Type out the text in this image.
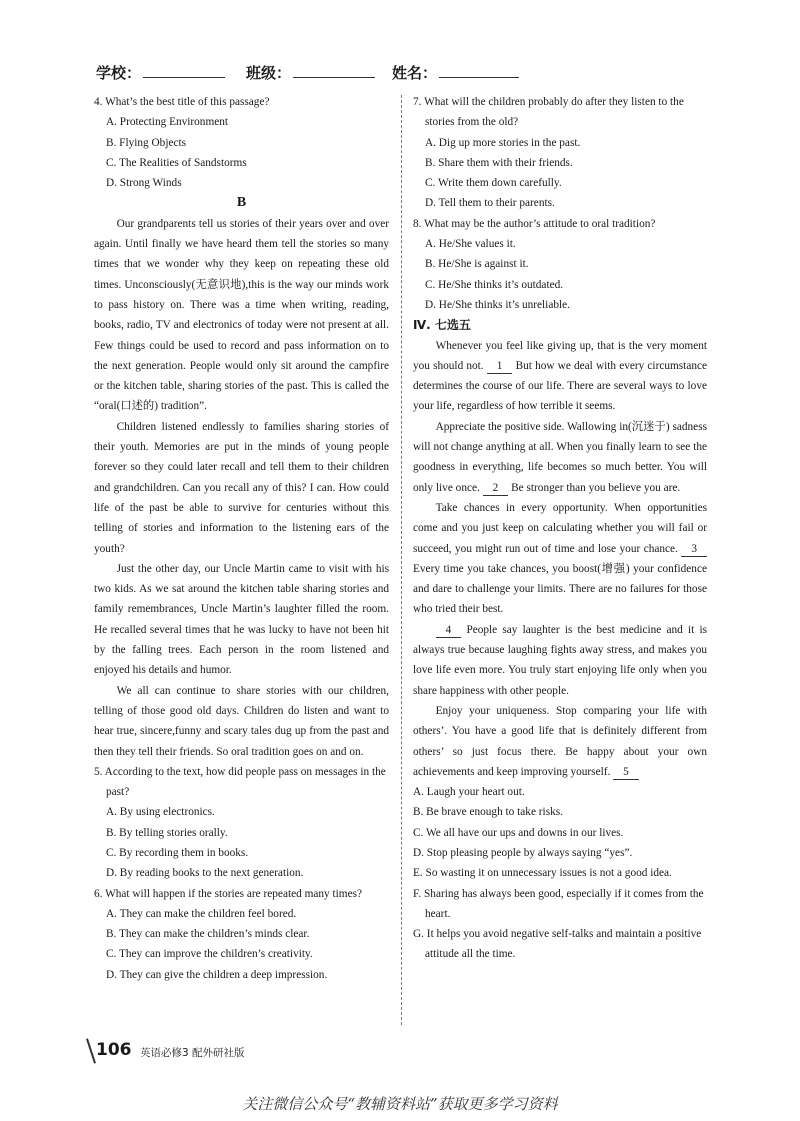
学校：	班级：	姓名：

4. What’s the best title of this passage?

A. Protecting Environment

B. Flying Objects

C. The Realities of Sandstorms

D. Strong Winds

B

Our grandparents tell us stories of their years over and over again. Until finally we have heard them tell the stories so many times that we wonder why they keep on repeating these old times. Unconsciously(无意识地),this is the way our minds work to pass history on. There was a time when writing, reading, books, radio, TV and electronics of today were not present at all. Few things could be used to record and pass information on to the next generation. People would only sit around the campfire or the kitchen table, sharing stories of the past. This is called the “oral(口述的) tradition”.

Children listened endlessly to families sharing stories of their youth. Memories are put in the minds of young people forever so they could later recall and tell them to their children and grandchildren. Can you recall any of this? I can. How could life of the past be able to survive for centuries without this telling of stories and information to the listening ears of the youth?

Just the other day, our Uncle Martin came to visit with his two kids. As we sat around the kitchen table sharing stories and family remembrances, Uncle Martin’s laughter filled the room. He recalled several times that he was lucky to have not been hit by the falling trees. Each person in the room listened and enjoyed his details and humor.

We all can continue to share stories with our children, telling of those good old days. Children do listen and want to hear true, sincere,funny and scary tales dug up from the past and then they tell their friends. So oral tradition goes on and on.

5. According to the text, how did people pass on messages in the past?

A. By using electronics.

B. By telling stories orally.

C. By recording them in books.

D. By reading books to the next generation.

6. What will happen if the stories are repeated many times?

A. They can make the children feel bored.

B. They can make the children’s minds clear.

C. They can improve the children’s creativity.

D. They can give the children a deep impression.

7. What will the children probably do after they listen to the stories from the old?

A. Dig up more stories in the past.

B. Share them with their friends.

C. Write them down carefully.

D. Tell them to their parents.

8. What may be the author’s attitude to oral tradition?

A. He/She values it.

B. He/She is against it.

C. He/She thinks it’s outdated.

D. He/She thinks it’s unreliable.

Ⅳ. 七选五

Whenever you feel like giving up, that is the very moment you should not. 1 But how we deal with every circumstance determines the course of our life. There are several ways to love your life, regardless of how terrible it seems.

Appreciate the positive side. Wallowing in(沉迷于) sadness will not change anything at all. When you finally learn to see the goodness in everything, life becomes so much better. You will only live once. 2 Be stronger than you believe you are.

Take chances in every opportunity. When opportunities come and you just keep on calculating whether you will fail or succeed, you might run out of time and lose your chance. 3 Every time you take chances, you boost(增强) your confidence and dare to challenge your limits. There are no failures for those who tried their best.

4 People say laughter is the best medicine and it is always true because laughing fights away stress, and makes you love life even more. You truly start enjoying life only when you share happiness with other people.

Enjoy your uniqueness. Stop comparing your life with others’. You have a good life that is definitely different from others’ so just focus there. Be happy about your own achievements and keep improving yourself. 5

A. Laugh your heart out.

B. Be brave enough to take risks.

C. We all have our ups and downs in our lives.

D. Stop pleasing people by always saying “yes”.

E. So wasting it on unnecessary issues is not a good idea.

F. Sharing has always been good, especially if it comes from the heart.

G. It helps you avoid negative self-talks and maintain a positive attitude all the time.

106 英语必修3 配外研社版
关注微信公众号“教辅资料站”获取更多学习资料
